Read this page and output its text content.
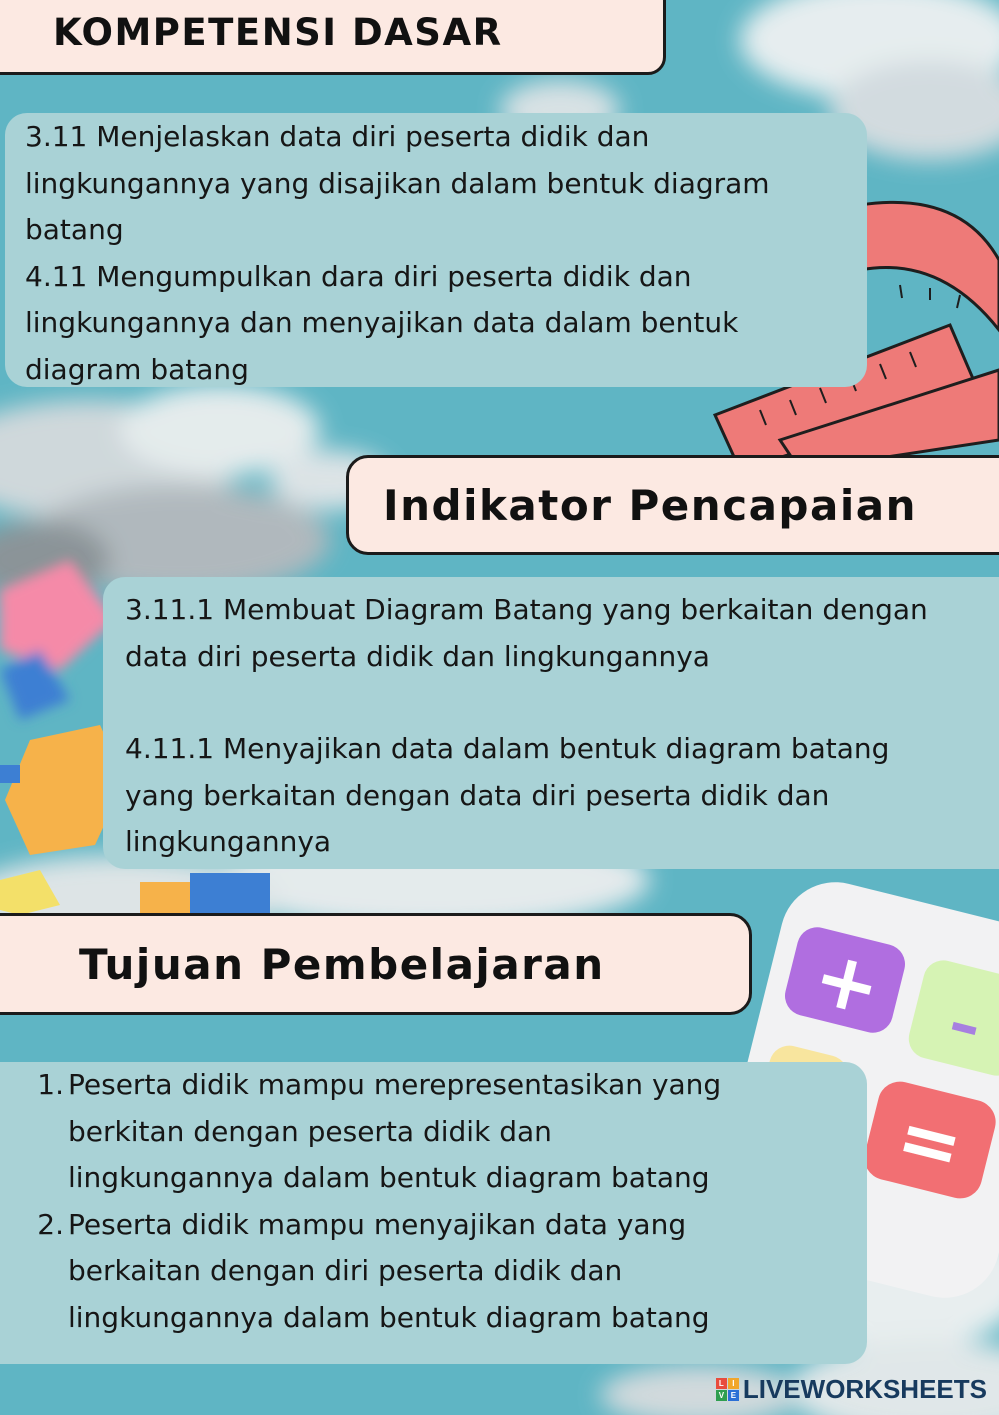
+ –
=
KOMPETENSI DASAR

3.11 Menjelaskan data diri peserta didik dan

lingkungannya yang disajikan dalam bentuk diagram

batang

4.11 Mengumpulkan dara diri peserta didik dan

lingkungannya dan menyajikan data dalam bentuk

diagram batang

Indikator Pencapaian

3.11.1 Membuat Diagram Batang yang berkaitan dengan

data diri peserta didik dan lingkungannya

4.11.1 Menyajikan data dalam bentuk diagram batang

yang berkaitan dengan data diri peserta didik dan

lingkungannya

Tujuan Pembelajaran
1. Peserta didik mampu merepresentasikan yang

berkitan dengan peserta didik dan

lingkungannya dalam bentuk diagram batang

2. Peserta didik mampu menyajikan data yang

berkaitan dengan diri peserta didik dan

lingkungannya dalam bentuk diagram batang

L	I
V E LIVEWORKSHEETS
